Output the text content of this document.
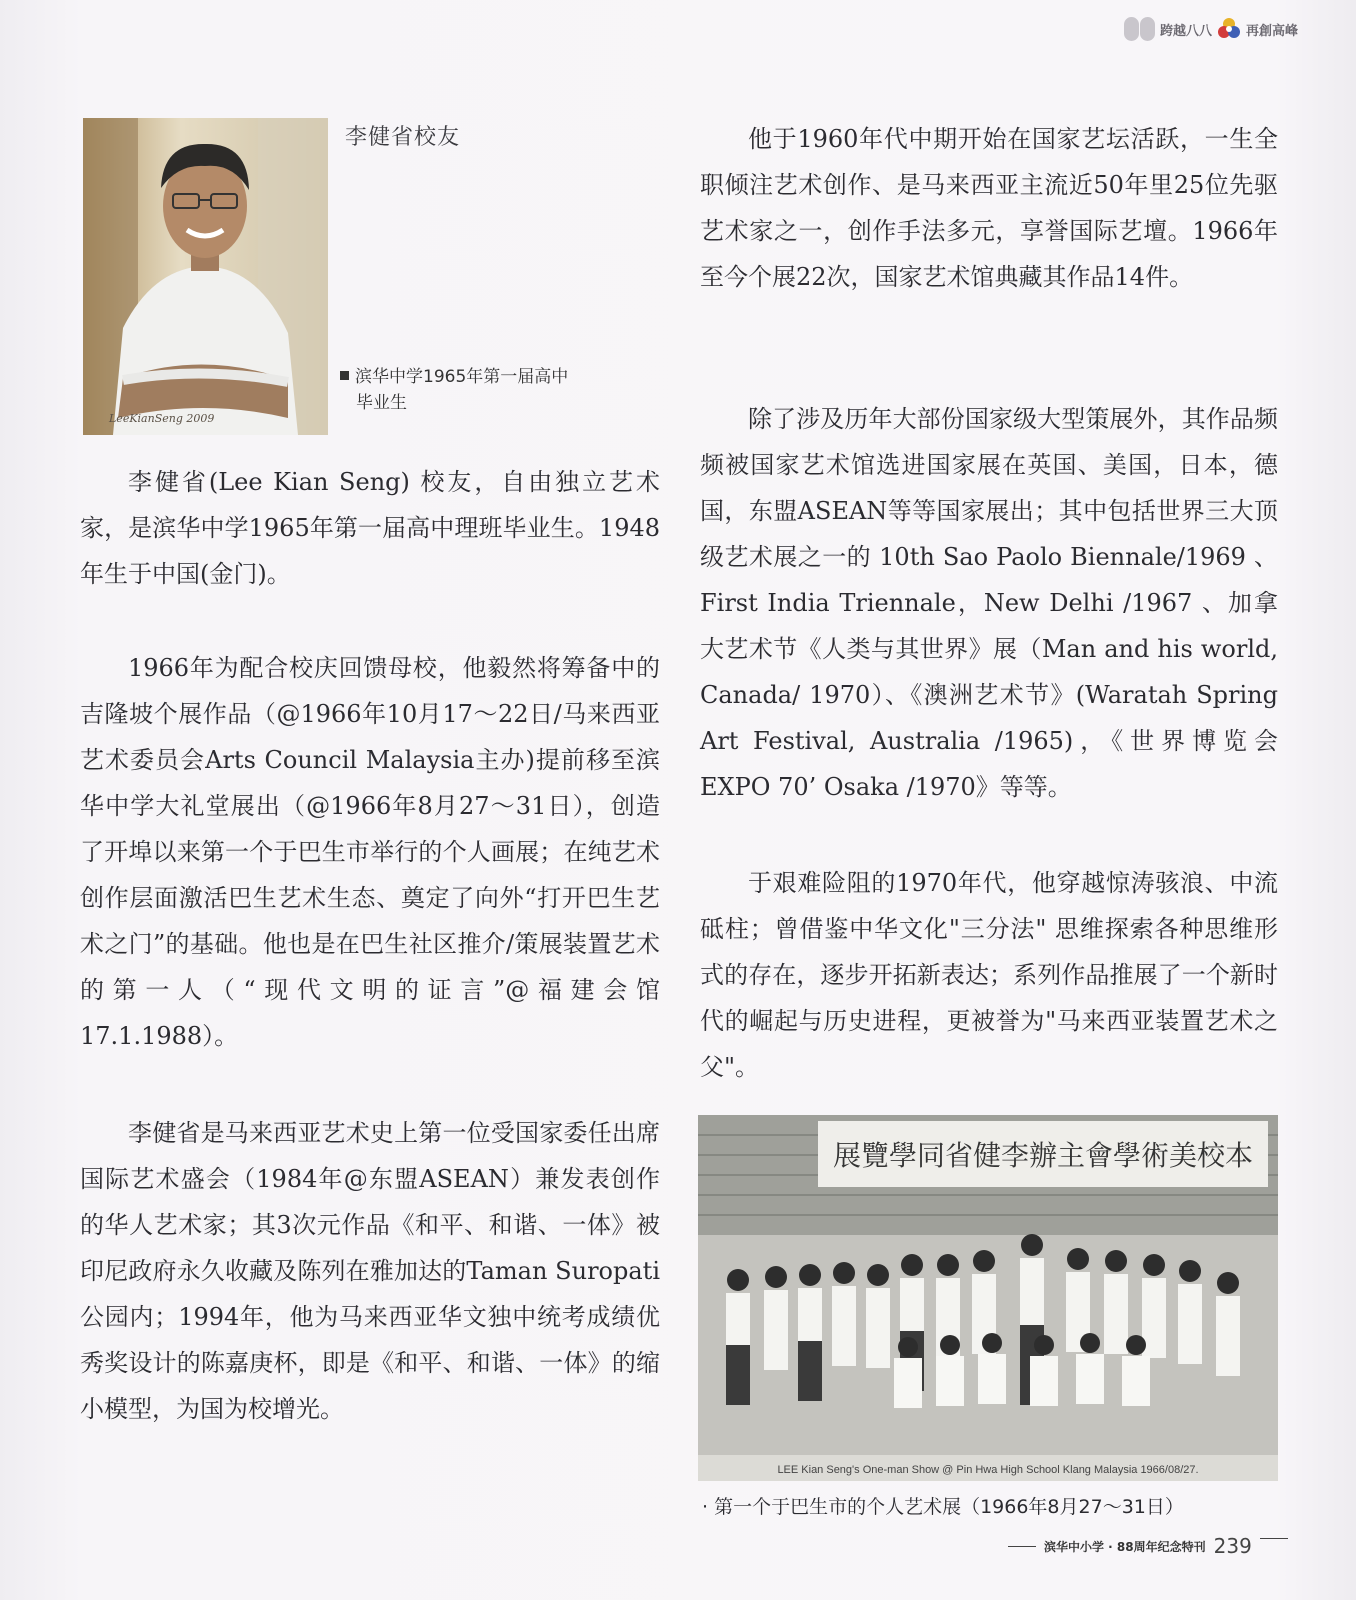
跨越八八	再創高峰
LeeKianSeng 2009
李健省校友
滨华中学1965年第一届高中
毕业生

李健省(Lee Kian Seng) 校友，自由独立艺术家，是滨华中学1965年第一届高中理班毕业生。1948年生于中国(金门)。

1966年为配合校庆回馈母校，他毅然将筹备中的吉隆坡个展作品（@1966年10月17～22日/马来西亚艺术委员会Arts Council Malaysia主办)提前移至滨华中学大礼堂展出（@1966年8月27～31日），创造了开埠以来第一个于巴生市举行的个人画展；在纯艺术创作层面激活巴生艺术生态、奠定了向外“打开巴生艺术之门”的基础。他也是在巴生社区推介/策展装置艺术的第一人（“现代文明的证言”@福建会馆17.1.1988）。

李健省是马来西亚艺术史上第一位受国家委任出席国际艺术盛会（1984年@东盟ASEAN）兼发表创作的华人艺术家；其3次元作品《和平、和谐、一体》被印尼政府永久收藏及陈列在雅加达的Taman Suropati公园内；1994年，他为马来西亚华文独中统考成绩优秀奖设计的陈嘉庚杯，即是《和平、和谐、一体》的缩小模型，为国为校增光。

他于1960年代中期开始在国家艺坛活跃，一生全职倾注艺术创作、是马来西亚主流近50年里25位先驱艺术家之一，创作手法多元，享誉国际艺壇。1966年至今个展22次，国家艺术馆典藏其作品14件。

除了涉及历年大部份国家级大型策展外，其作品频频被国家艺术馆选进国家展在英国、美国，日本，德国，东盟ASEAN等等国家展出；其中包括世界三大顶级艺术展之一的 10th Sao Paolo Biennale/1969 、First India Triennale，New Delhi /1967 、加拿大艺术节《人类与其世界》展（Man and his world, Canada/ 1970）、《澳洲艺术节》(Waratah Spring Art Festival, Australia /1965)，《世界博览会EXPO 70’ Osaka /1970》等等。

于艰难险阻的1970年代，他穿越惊涛骇浪、中流砥柱；曾借鉴中华文化"三分法" 思维探索各种思维形式的存在，逐步开拓新表达；系列作品推展了一个新时代的崛起与历史进程，更被誉为"马来西亚装置艺术之父"。

展覽學同省健李辦主會學術美校本
LEE Kian Seng's One-man Show @ Pin Hwa High School Klang Malaysia 1966/08/27.
· 第一个于巴生市的个人艺术展（1966年8月27～31日）
滨华中小学 · 88周年纪念特刊 239
